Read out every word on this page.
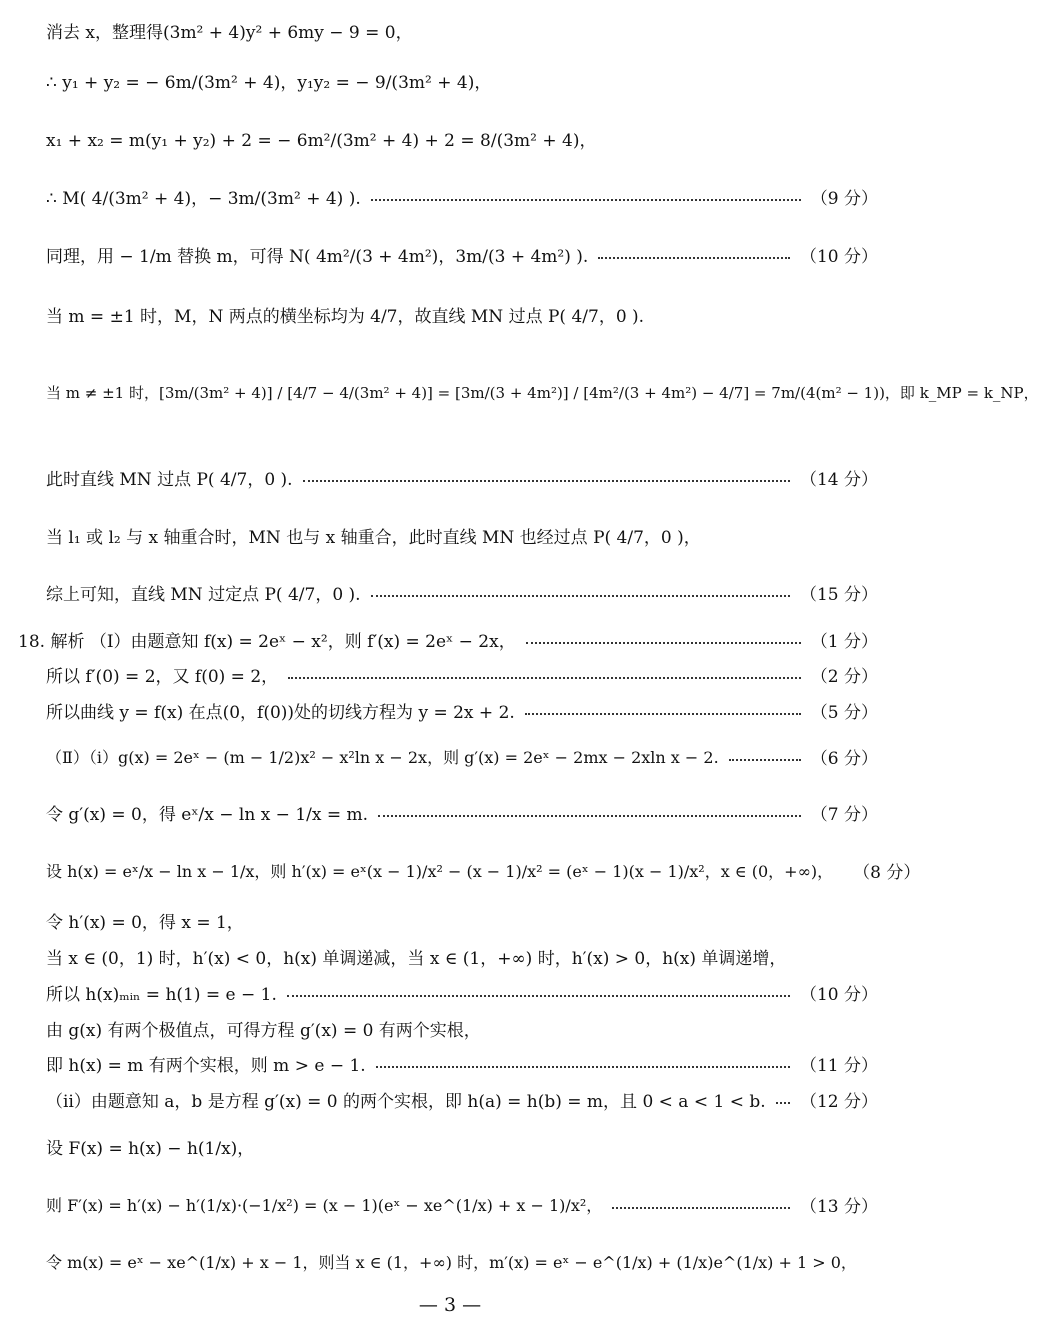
消去 x，整理得(3m² + 4)y² + 6my − 9 = 0，
∴ y₁ + y₂ = − 6m/(3m² + 4)，y₁y₂ = − 9/(3m² + 4)，
x₁ + x₂ = m(y₁ + y₂) + 2 = − 6m²/(3m² + 4) + 2 = 8/(3m² + 4)，
∴ M( 4/(3m² + 4)，− 3m/(3m² + 4) ).	（9 分）
同理，用 − 1/m 替换 m，可得 N( 4m²/(3 + 4m²)，3m/(3 + 4m²) ).	（10 分）
当 m = ±1 时，M，N 两点的横坐标均为 4/7，故直线 MN 过点 P( 4/7，0 ).
当 m ≠ ±1 时，[3m/(3m² + 4)] / [4/7 − 4/(3m² + 4)] = [3m/(3 + 4m²)] / [4m²/(3 + 4m²) − 4/7] = 7m/(4(m² − 1))，即 k_MP = k_NP，
此时直线 MN 过点 P( 4/7，0 ).	（14 分）
当 l₁ 或 l₂ 与 x 轴重合时，MN 也与 x 轴重合，此时直线 MN 也经过点 P( 4/7，0 )，
综上可知，直线 MN 过定点 P( 4/7，0 ).	（15 分）
18. 解析 （Ⅰ）由题意知 f(x) = 2eˣ − x²，则 f′(x) = 2eˣ − 2x，	（1 分）
所以 f′(0) = 2，又 f(0) = 2，	（2 分）
所以曲线 y = f(x) 在点(0，f(0))处的切线方程为 y = 2x + 2.	（5 分）
（Ⅱ）（ⅰ）g(x) = 2eˣ − (m − 1/2)x² − x²ln x − 2x，则 g′(x) = 2eˣ − 2mx − 2xln x − 2.	（6 分）
令 g′(x) = 0，得 eˣ/x − ln x − 1/x = m.	（7 分）
设 h(x) = eˣ/x − ln x − 1/x，则 h′(x) = eˣ(x − 1)/x² − (x − 1)/x² = (eˣ − 1)(x − 1)/x²，x ∈ (0，+∞)， （8 分）
令 h′(x) = 0，得 x = 1，
当 x ∈ (0，1) 时，h′(x) < 0，h(x) 单调递减，当 x ∈ (1，+∞) 时，h′(x) > 0，h(x) 单调递增，
所以 h(x)ₘᵢₙ = h(1) = e − 1.	（10 分）
由 g(x) 有两个极值点，可得方程 g′(x) = 0 有两个实根，
即 h(x) = m 有两个实根，则 m > e − 1.	（11 分）
（ⅱ）由题意知 a，b 是方程 g′(x) = 0 的两个实根，即 h(a) = h(b) = m，且 0 < a < 1 < b. （12 分）
设 F(x) = h(x) − h(1/x)，
则 F′(x) = h′(x) − h′(1/x)·(−1/x²) = (x − 1)(eˣ − xe^(1/x) + x − 1)/x²，	（13 分）
令 m(x) = eˣ − xe^(1/x) + x − 1，则当 x ∈ (1，+∞) 时，m′(x) = eˣ − e^(1/x) + (1/x)e^(1/x) + 1 > 0，
— 3 —
